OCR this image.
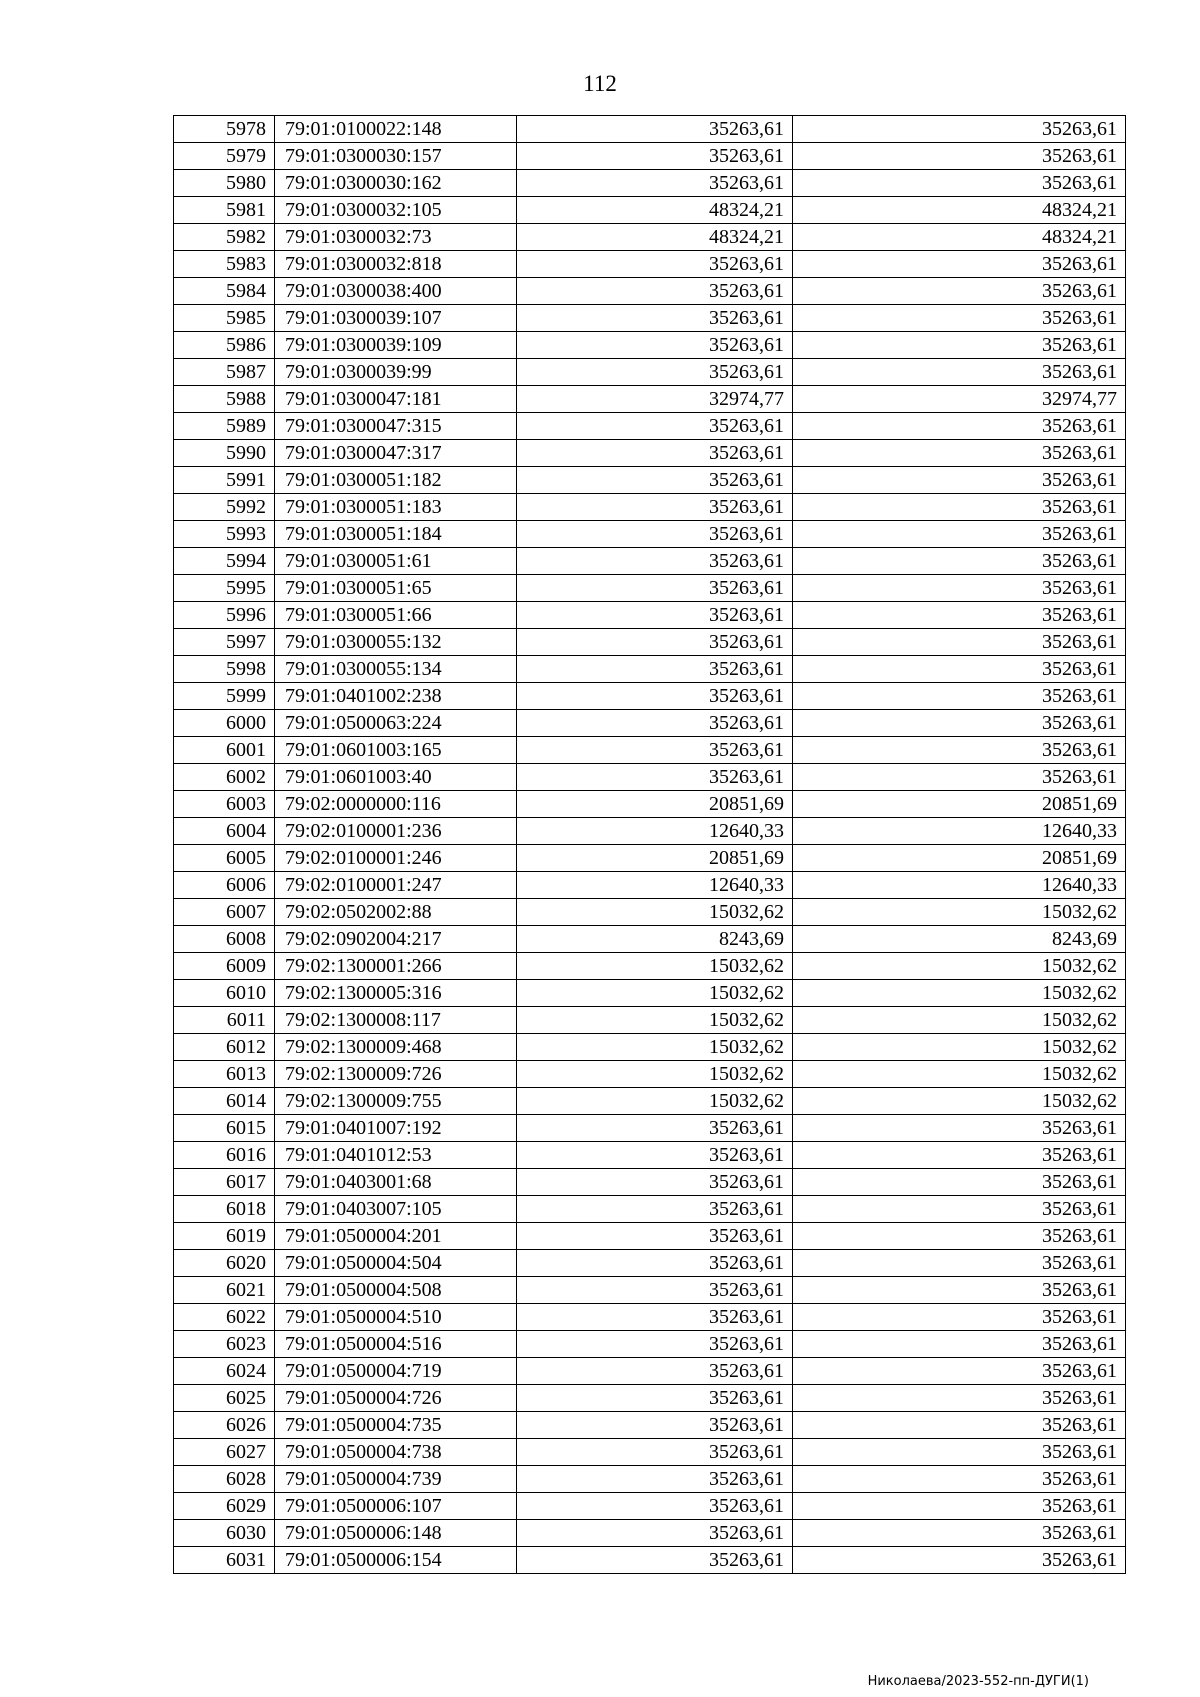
112
5978	79:01:0100022:148	35263,61	35263,61
5979	79:01:0300030:157	35263,61	35263,61
5980	79:01:0300030:162	35263,61	35263,61
5981	79:01:0300032:105	48324,21	48324,21
5982	79:01:0300032:73	48324,21	48324,21
5983	79:01:0300032:818	35263,61	35263,61
5984	79:01:0300038:400	35263,61	35263,61
5985	79:01:0300039:107	35263,61	35263,61
5986	79:01:0300039:109	35263,61	35263,61
5987	79:01:0300039:99	35263,61	35263,61
5988	79:01:0300047:181	32974,77	32974,77
5989	79:01:0300047:315	35263,61	35263,61
5990	79:01:0300047:317	35263,61	35263,61
5991	79:01:0300051:182	35263,61	35263,61
5992	79:01:0300051:183	35263,61	35263,61
5993	79:01:0300051:184	35263,61	35263,61
5994	79:01:0300051:61	35263,61	35263,61
5995	79:01:0300051:65	35263,61	35263,61
5996	79:01:0300051:66	35263,61	35263,61
5997	79:01:0300055:132	35263,61	35263,61
5998	79:01:0300055:134	35263,61	35263,61
5999	79:01:0401002:238	35263,61	35263,61
6000	79:01:0500063:224	35263,61	35263,61
6001	79:01:0601003:165	35263,61	35263,61
6002	79:01:0601003:40	35263,61	35263,61
6003	79:02:0000000:116	20851,69	20851,69
6004	79:02:0100001:236	12640,33	12640,33
6005	79:02:0100001:246	20851,69	20851,69
6006	79:02:0100001:247	12640,33	12640,33
6007	79:02:0502002:88	15032,62	15032,62
6008	79:02:0902004:217	8243,69	8243,69
6009	79:02:1300001:266	15032,62	15032,62
6010	79:02:1300005:316	15032,62	15032,62
6011	79:02:1300008:117	15032,62	15032,62
6012	79:02:1300009:468	15032,62	15032,62
6013	79:02:1300009:726	15032,62	15032,62
6014	79:02:1300009:755	15032,62	15032,62
6015	79:01:0401007:192	35263,61	35263,61
6016	79:01:0401012:53	35263,61	35263,61
6017	79:01:0403001:68	35263,61	35263,61
6018	79:01:0403007:105	35263,61	35263,61
6019	79:01:0500004:201	35263,61	35263,61
6020	79:01:0500004:504	35263,61	35263,61
6021	79:01:0500004:508	35263,61	35263,61
6022	79:01:0500004:510	35263,61	35263,61
6023	79:01:0500004:516	35263,61	35263,61
6024	79:01:0500004:719	35263,61	35263,61
6025	79:01:0500004:726	35263,61	35263,61
6026	79:01:0500004:735	35263,61	35263,61
6027	79:01:0500004:738	35263,61	35263,61
6028	79:01:0500004:739	35263,61	35263,61
6029	79:01:0500006:107	35263,61	35263,61
6030	79:01:0500006:148	35263,61	35263,61
6031	79:01:0500006:154	35263,61	35263,61
Николаева/2023-552-пп-ДУГИ(1)
